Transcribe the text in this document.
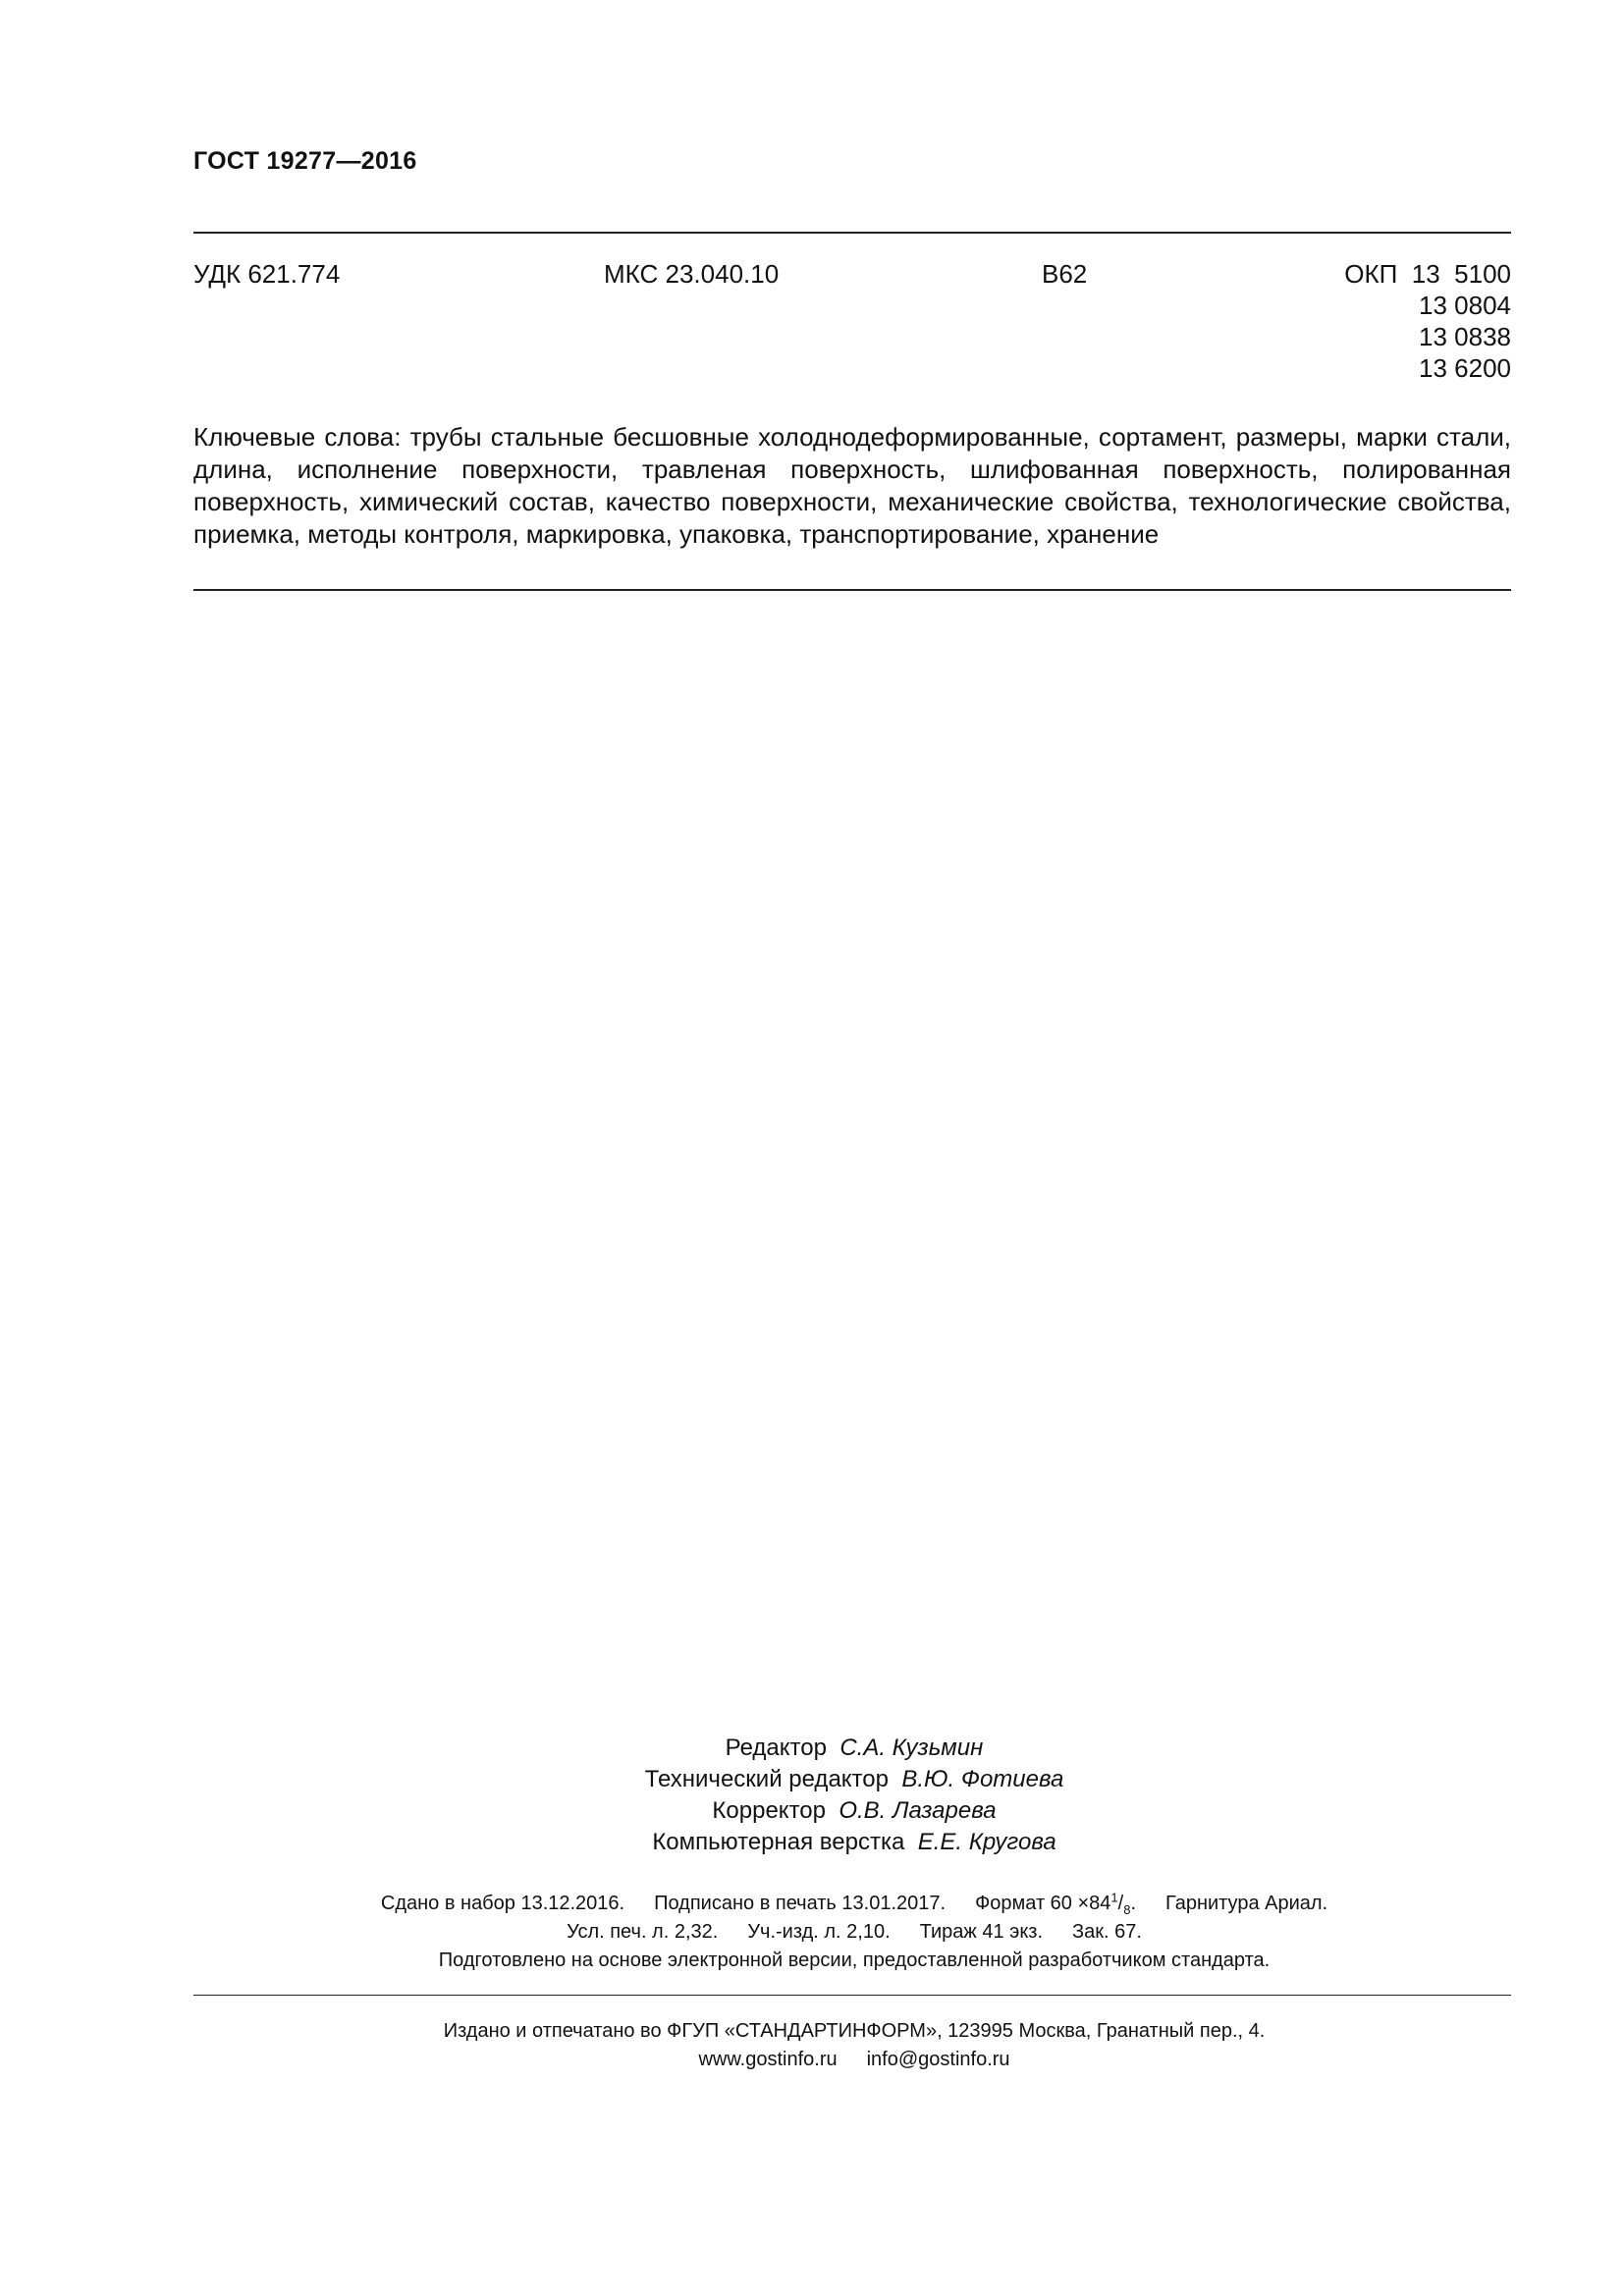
ГОСТ 19277—2016
УДК 621.774	МКС 23.040.10	В62	ОКП  13  5100
13 0804
13 0838
13 6200
Ключевые слова: трубы стальные бесшовные холоднодеформированные, сортамент, размеры, марки стали, длина, исполнение поверхности, травленая поверхность, шлифованная поверхность, полированная поверхность, химический состав, качество поверхности, механические свойства, технологические свойства, приемка, методы контроля, маркировка, упаковка, транспортирование, хранение
Редактор С.А. Кузьмин
Технический редактор В.Ю. Фотиева
Корректор О.В. Лазарева
Компьютерная верстка Е.Е. Кругова
Сдано в набор 13.12.2016. Подписано в печать 13.01.2017. Формат $60 \times 84^1/_8$. Гарнитура Ариал.
Усл. печ. л. 2,32. Уч.-изд. л. 2,10. Тираж 41 экз. Зак. 67.
Подготовлено на основе электронной версии, предоставленной разработчиком стандарта.
Издано и отпечатано во ФГУП «СТАНДАРТИНФОРМ», 123995 Москва, Гранатный пер., 4.
www.gostinfo.ru info@gostinfo.ru
